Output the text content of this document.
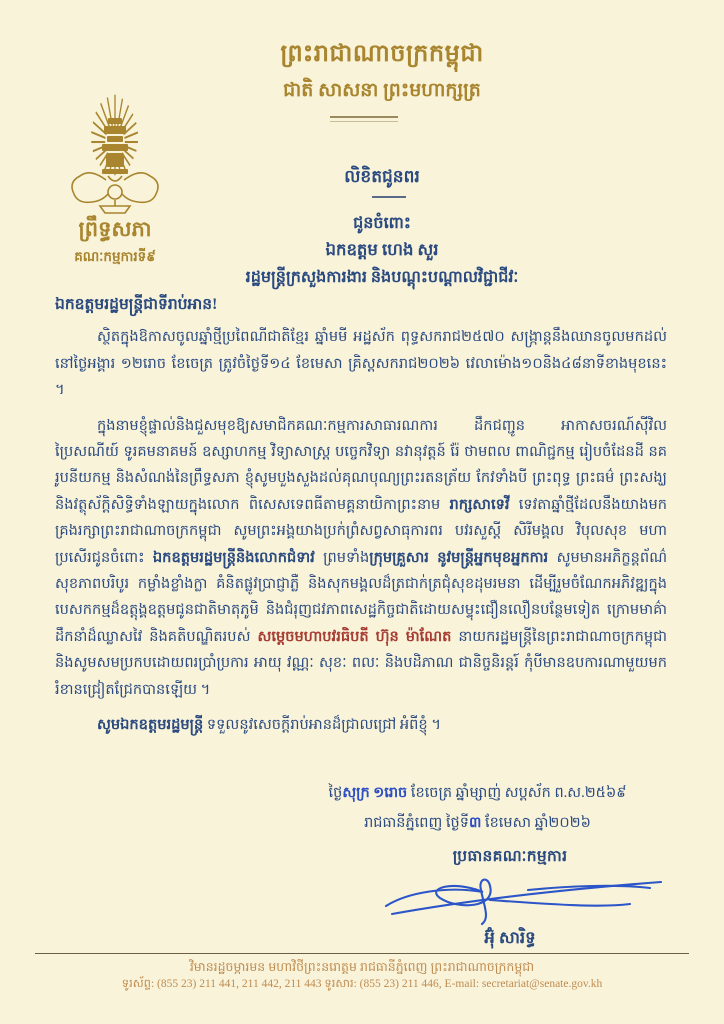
ព្រះរាជាណាចក្រកម្ពុជា
ជាតិ សាសនា ព្រះមហាក្សត្រ
ព្រឹទ្ធសភា
គណៈកម្មការទី៩
លិខិតជូនពរ
ជូនចំពោះ
ឯកឧត្តម ហេង សួរ
រដ្ឋមន្ត្រីក្រសួងការងារ និងបណ្តុះបណ្តាលវិជ្ជាជីវៈ
ឯកឧត្តមរដ្ឋមន្ត្រីជាទីរាប់អាន!

ស្ថិតក្នុងឱកាសចូលឆ្នាំថ្មីប្រពៃណីជាតិខ្មែរ ឆ្នាំមមី អដ្ឋស័ក ពុទ្ធសករាជ២៥៧០ សង្ក្រាន្តនឹងឈានចូលមកដល់នៅថ្ងៃអង្គារ ១២រោច ខែចេត្រ ត្រូវចំថ្ងៃទី១៤ ខែមេសា គ្រិស្ដសករាជ២០២៦ វេលាម៉ោង១០និង៤៨នាទីខាងមុខនេះ ។

ក្នុងនាមខ្ញុំផ្ទាល់និងជួសមុខឱ្យសមាជិកគណៈកម្មការសាធារណការ ដឹកជញ្ជូន អាកាសចរណ៍ស៊ីវិល ប្រៃសណីយ៍ ទូរគមនាគមន៍ ឧស្សាហកម្ម វិទ្យាសាស្ត្រ បច្ចេកវិទ្យា នវានុវត្តន៍ រ៉ែ ថាមពល ពាណិជ្ជកម្ម រៀបចំដែនដី នគរូបនីយកម្ម និងសំណង់នៃព្រឹទ្ធសភា ខ្ញុំសូមបួងសួងដល់គុណបុណ្យព្រះរតនត្រ័យ កែវទាំងបី ព្រះពុទ្ធ ព្រះធម៌ ព្រះសង្ឃ និងវត្ថុស័ក្តិសិទ្ធិទាំងឡាយក្នុងលោក ពិសេសទេពធីតាមគ្គនាយិកាព្រះនាម រាក្សសាទេវី ទេវតាឆ្នាំថ្មីដែលនឹងយាងមកគ្រងរក្សាព្រះរាជាណាចក្រកម្ពុជា សូមព្រះអង្គយាងប្រក់ព្រំសព្វសាធុការពរ បវរសួស្ដី សិរីមង្គល វិបុលសុខ មហាប្រសើរជូនចំពោះ ឯកឧត្តមរដ្ឋមន្ត្រីនិងលោកជំទាវ ព្រមទាំងក្រុមគ្រួសារ នូវមន្ត្រីអ្នកមុខអ្នកការ សូមមានអភិក្ខន្តព័ណ៌ សុខភាពបរិបូរ កម្លាំងខ្លាំងក្លា គំនិតផ្លូវប្រាជ្ញាភ្លឺ និងសុកមង្គលដ៏ត្រជាក់ត្រជុំសុខដុមរមនា ដើម្បីរួមចំណែកអភិវឌ្ឍក្នុងបេសកកម្មដ៏ឧត្តុង្គឧត្តមជូនជាតិមាតុភូមិ និងជំរុញជវភាពសេដ្ឋកិច្ចជាតិដោយសម្ទុះជឿនលឿនបន្ថែមទៀត ក្រោមមាគ៌ាដឹកនាំដ៏ឈ្លាសវៃ និងគតិបណ្ឌិតរបស់ សម្តេចមហាបវរធិបតី ហ៊ុន ម៉ាណែត នាយករដ្ឋមន្ត្រីនៃព្រះរាជាណាចក្រកម្ពុជា និងសូមសមប្រកបដោយពរប្រាំប្រការ អាយុ វណ្ណៈ សុខៈ ពលៈ និងបដិភាណ ជានិច្ចនិរន្តរ៍ កុំបីមានឧបការណាមួយមករំខានជ្រៀតជ្រែកបានឡើយ ។

សូមឯកឧត្តមរដ្ឋមន្ត្រី ទទួលនូវសេចក្ដីរាប់អានដ៏ជ្រាលជ្រៅ អំពីខ្ញុំ ។

ថ្ងៃសុក្រ ១រោច ខែចេត្រ ឆ្នាំម្សាញ់ សប្តស័ក ព.ស.២៥៦៩
រាជធានីភ្នំពេញ ថ្ងៃទី៣ ខែមេសា ឆ្នាំ២០២៦
ប្រធានគណៈកម្មការ
អ៊ុំ សារិទ្ធ
វិមានរដ្ឋចម្ការមន មហាវិថីព្រះនរោត្តម រាជធានីភ្នំពេញ ព្រះរាជាណាចក្រកម្ពុជា
ទូរស័ព្ទ: (855 23) 211 441, 211 442, 211 443 ទូរសារ: (855 23) 211 446, E-mail: secretariat@senate.gov.kh
